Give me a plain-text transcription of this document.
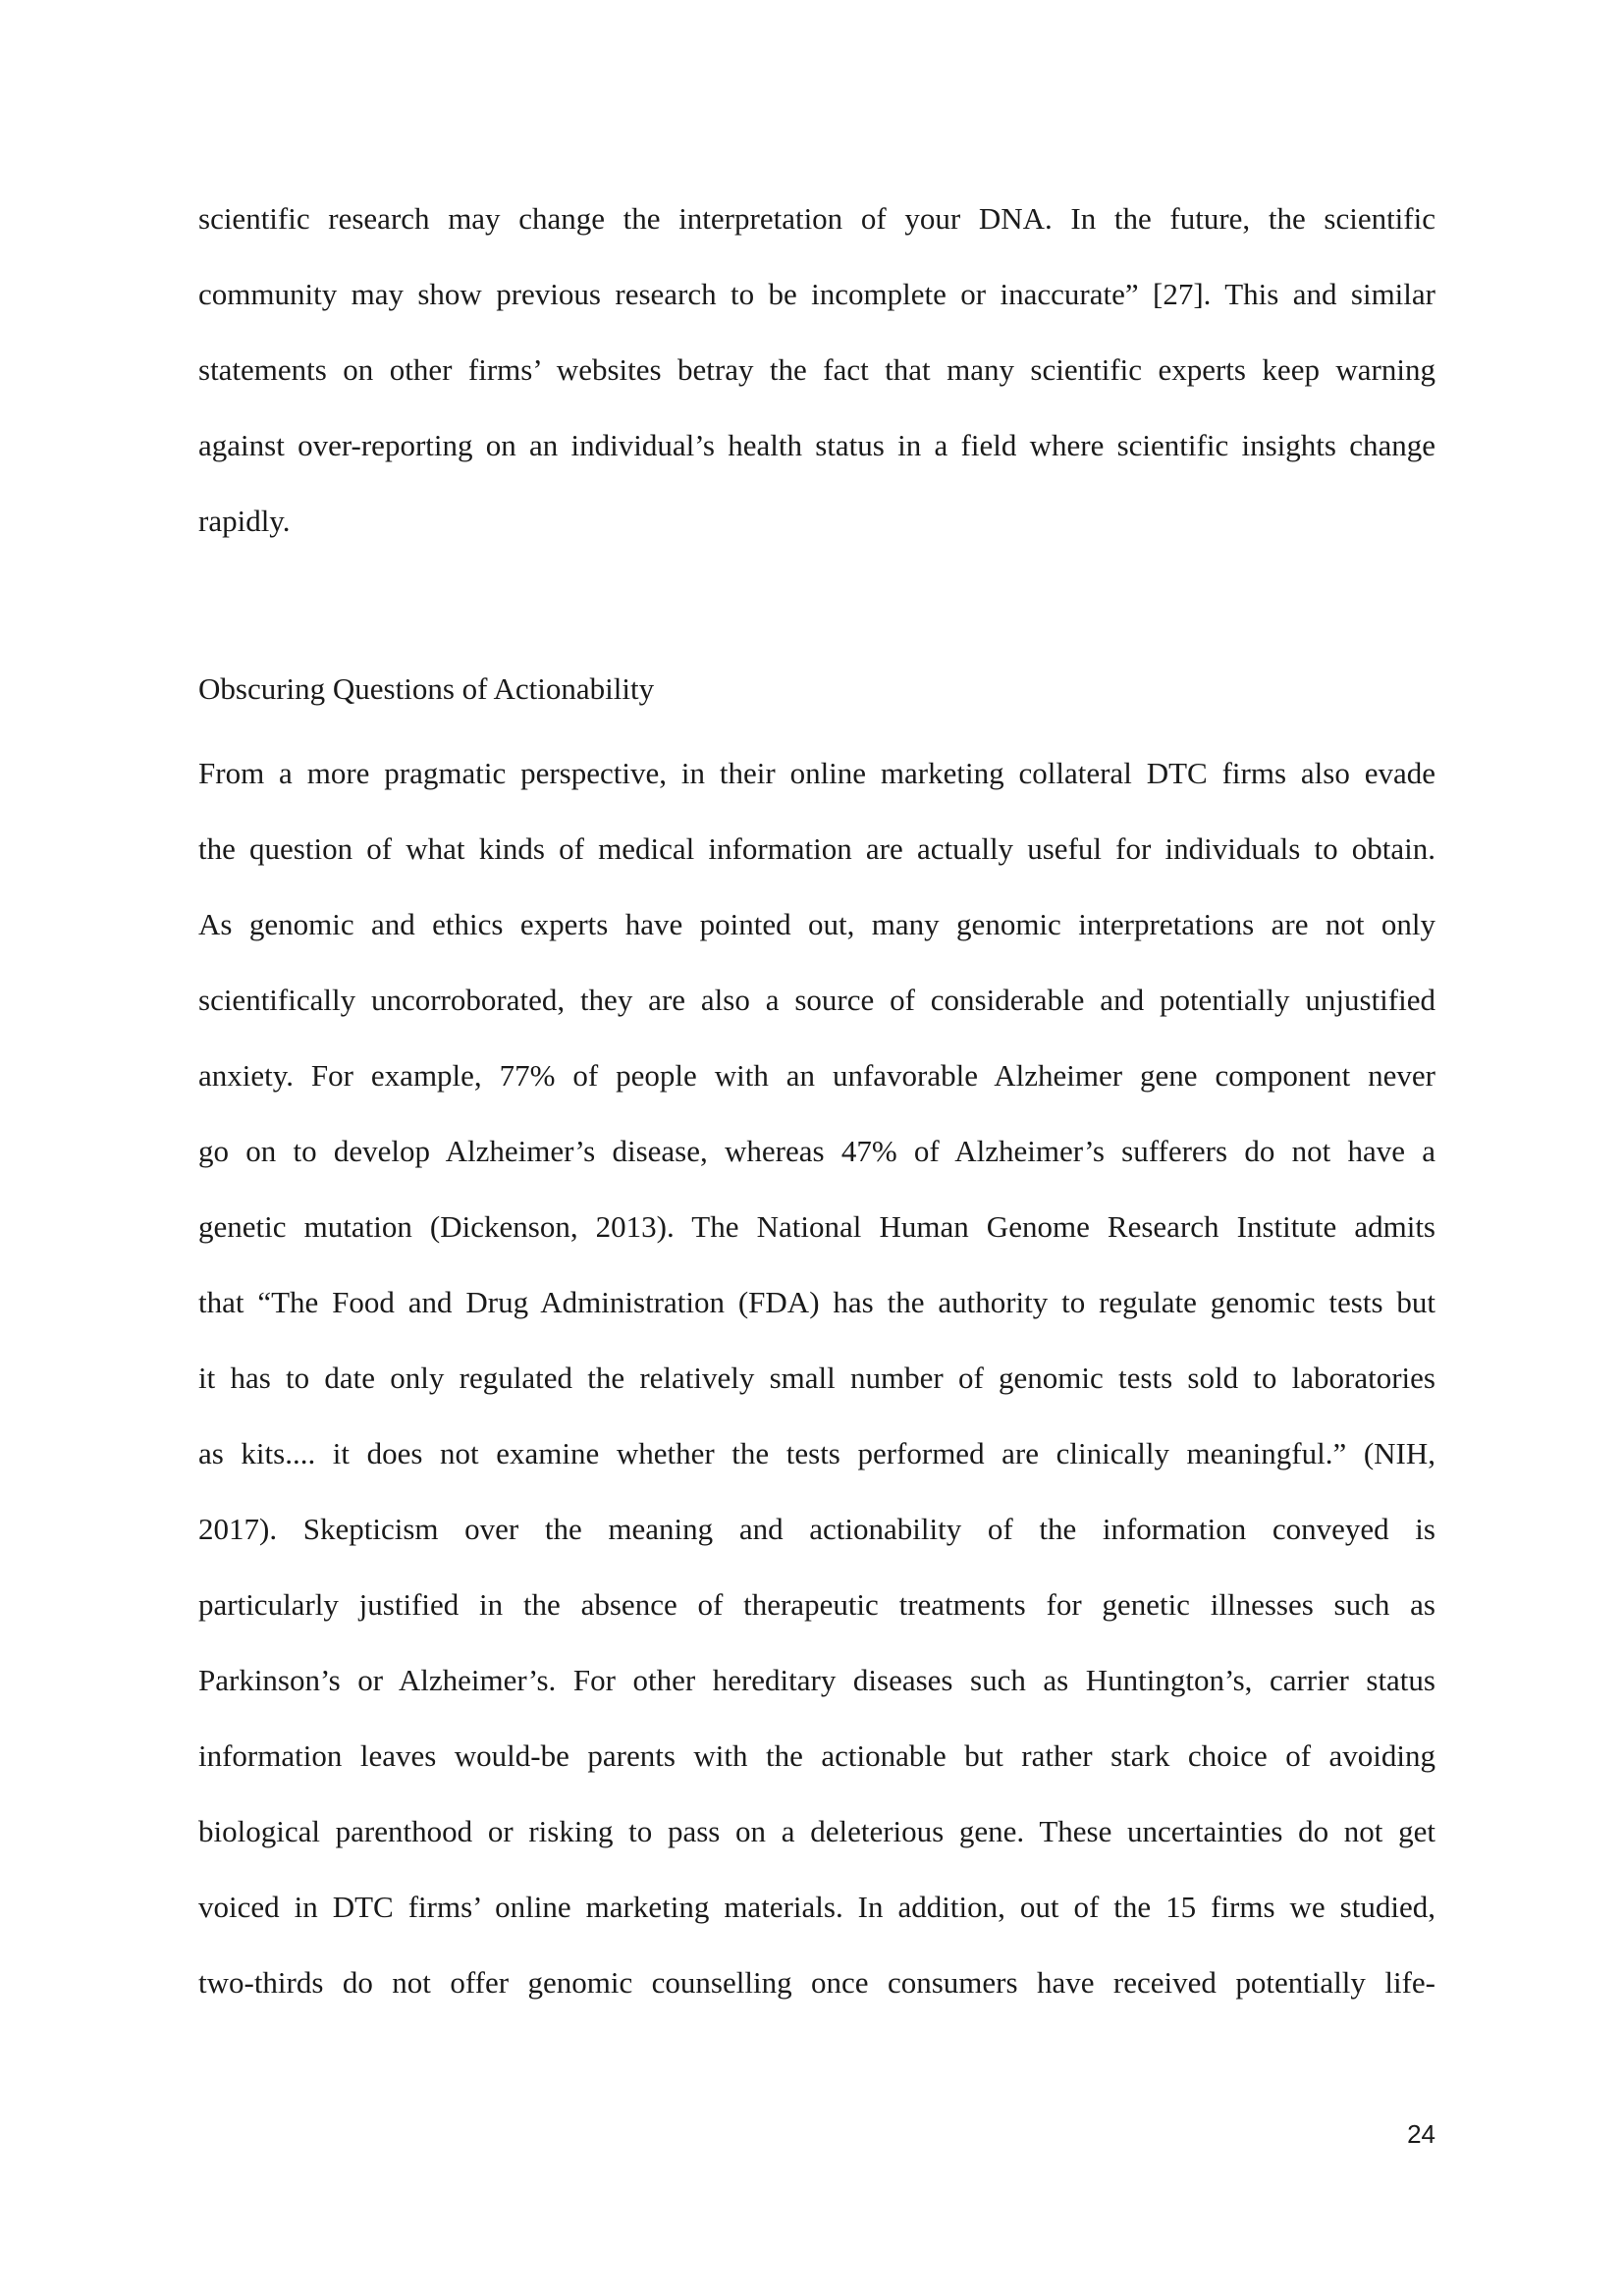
scientific research may change the interpretation of your DNA. In the future, the scientific
community may show previous research to be incomplete or inaccurate” [27]. This and similar
statements on other firms’ websites betray the fact that many scientific experts keep warning
against over-reporting on an individual’s health status in a field where scientific insights change
rapidly.
Obscuring Questions of Actionability
From a more pragmatic perspective, in their online marketing collateral DTC firms also evade
the question of what kinds of medical information are actually useful for individuals to obtain.
As genomic and ethics experts have pointed out, many genomic interpretations are not only
scientifically uncorroborated, they are also a source of considerable and potentially unjustified
anxiety. For example, 77% of people with an unfavorable Alzheimer gene component never
go on to develop Alzheimer’s disease, whereas 47% of Alzheimer’s sufferers do not have a
genetic mutation (Dickenson, 2013). The National Human Genome Research Institute admits
that “The Food and Drug Administration (FDA) has the authority to regulate genomic tests but
it has to date only regulated the relatively small number of genomic tests sold to laboratories
as kits.... it does not examine whether the tests performed are clinically meaningful.” (NIH,
2017). Skepticism over the meaning and actionability of the information conveyed is
particularly justified in the absence of therapeutic treatments for genetic illnesses such as
Parkinson’s or Alzheimer’s. For other hereditary diseases such as Huntington’s, carrier status
information leaves would-be parents with the actionable but rather stark choice of avoiding
biological parenthood or risking to pass on a deleterious gene. These uncertainties do not get
voiced in DTC firms’ online marketing materials. In addition, out of the 15 firms we studied,
two-thirds do not offer genomic counselling once consumers have received potentially life-
24
